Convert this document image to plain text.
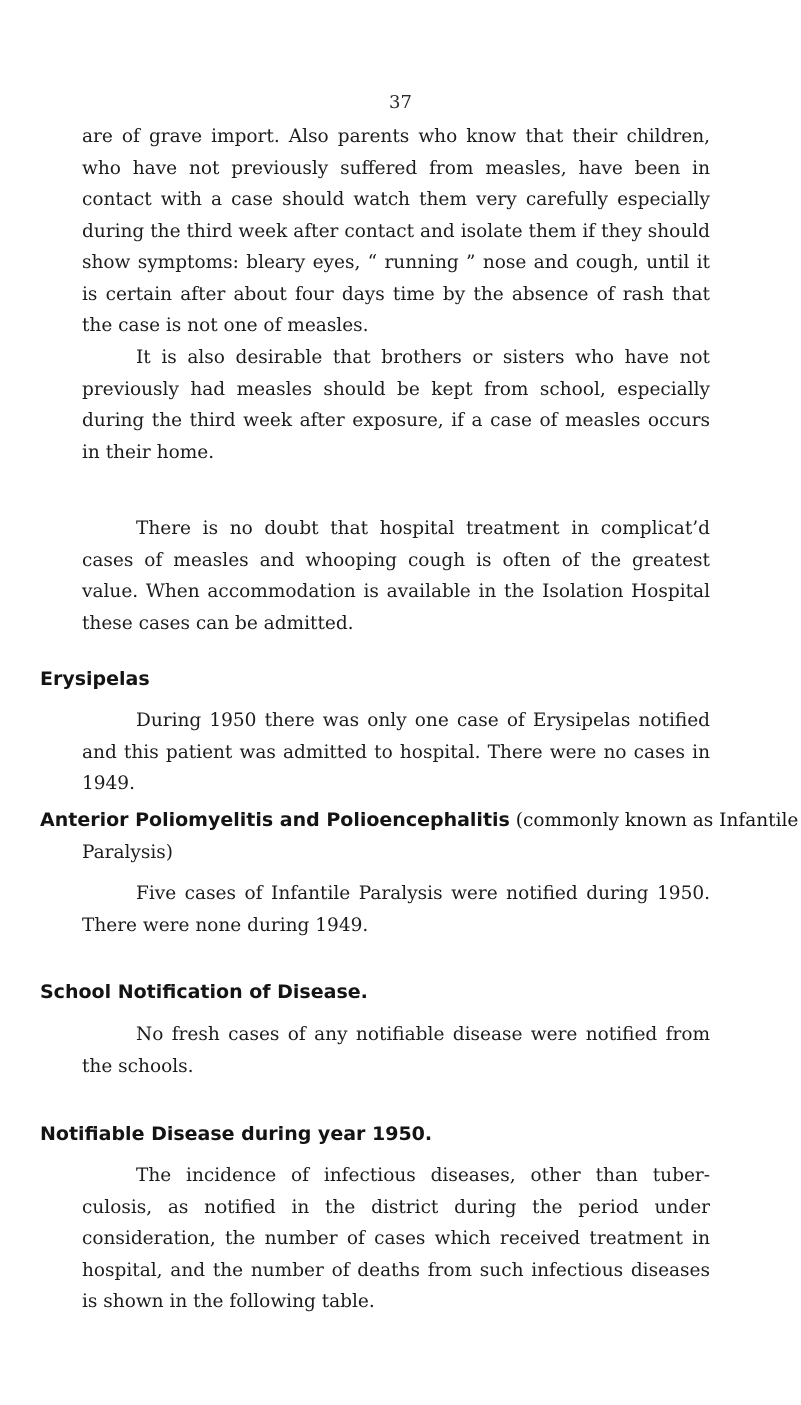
37

are of grave import. Also parents who know that their children, who have not previously suffered from measles, have been in contact with a case should watch them very carefully especially during the third week after contact and isolate them if they should show symptoms: bleary eyes, “ running ” nose and cough, until it is certain after about four days time by the absence of rash that the case is not one of measles.

It is also desirable that brothers or sisters who have not previously had measles should be kept from school, especially during the third week after exposure, if a case of measles occurs in their home.

There is no doubt that hospital treatment in complicat’d cases of measles and whooping cough is often of the greatest value. When accommodation is available in the Isolation Hospital these cases can be admitted.

Erysipelas

During 1950 there was only one case of Erysipelas notified and this patient was admitted to hospital. There were no cases in 1949.

Anterior Poliomyelitis and Polioencephalitis (commonly known as Infantile

Paralysis)

Five cases of Infantile Paralysis were notified during 1950. There were none during 1949.

School Notification of Disease.

No fresh cases of any notifiable disease were notified from the schools.

Notifiable Disease during year 1950.

The incidence of infectious diseases, other than tuberculosis, as notified in the district during the period under consideration, the number of cases which received treatment in hospital, and the number of deaths from such infectious diseases is shown in the following table.
